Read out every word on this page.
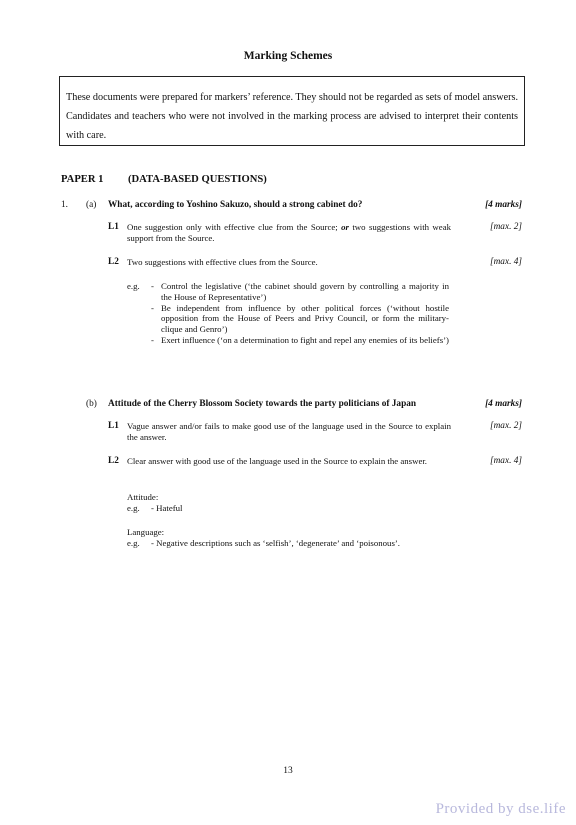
Marking Schemes
These documents were prepared for markers’ reference. They should not be regarded as sets of model answers. Candidates and teachers who were not involved in the marking process are advised to interpret their contents with care.
PAPER 1 (DATA-BASED QUESTIONS)
1. (a) What, according to Yoshino Sakuzo, should a strong cabinet do?	[4 marks]
L1 One suggestion only with effective clue from the Source; or two suggestions with weak support from the Source.
[max. 2]
L2 Two suggestions with effective clues from the Source.	[max. 4]
e.g.
-	Control the legislative (‘the cabinet should govern by controlling a majority in the House of Representative’)
- Be independent from influence by other political forces (‘without hostile opposition from the House of Peers and Privy Council, or form the military-clique and Genro’)
- Exert influence (‘on a determination to fight and repel any enemies of its beliefs’)
(b) Attitude of the Cherry Blossom Society towards the party politicians of Japan	[4 marks]
L1 Vague answer and/or fails to make good use of the language used in the Source to explain the answer.
[max. 2]
L2 Clear answer with good use of the language used in the Source to explain the answer.	[max. 4]
Attitude:
e.g. - Hateful
Language:
e.g. - Negative descriptions such as ‘selfish’, ‘degenerate’ and ‘poisonous’.
13
Provided by dse.life
